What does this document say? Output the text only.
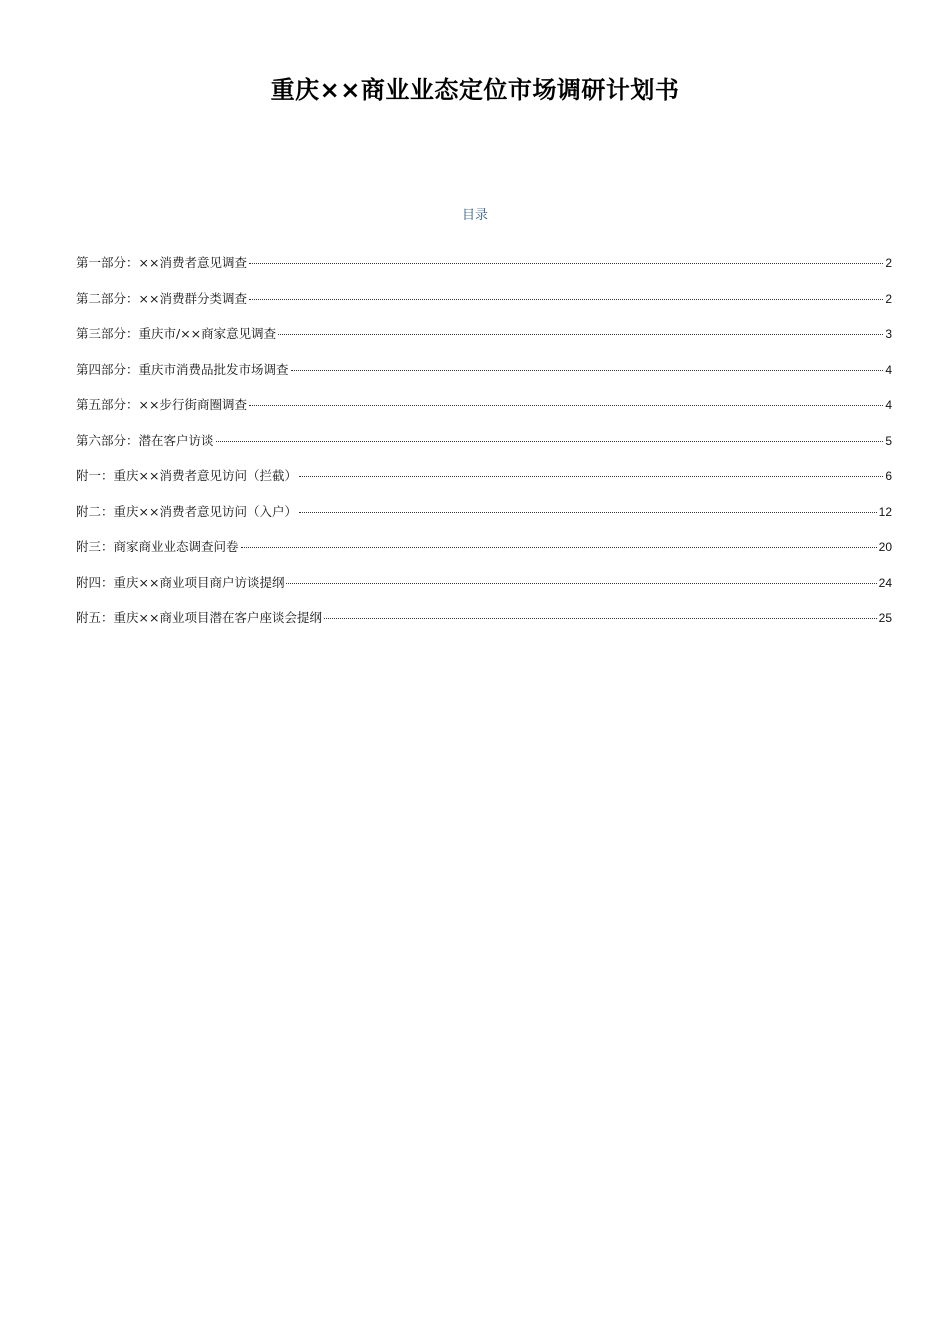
重庆××商业业态定位市场调研计划书
目录
第一部分：××消费者意见调查	2
第二部分：××消费群分类调查	2
第三部分：重庆市/××商家意见调查	3
第四部分：重庆市消费品批发市场调查	4
第五部分：××步行街商圈调查	4
第六部分：潜在客户访谈	5
附一：重庆××消费者意见访问（拦截）	6
附二：重庆××消费者意见访问（入户）	12
附三：商家商业业态调查问卷	20
附四：重庆××商业项目商户访谈提纲	24
附五：重庆××商业项目潜在客户座谈会提纲	25
